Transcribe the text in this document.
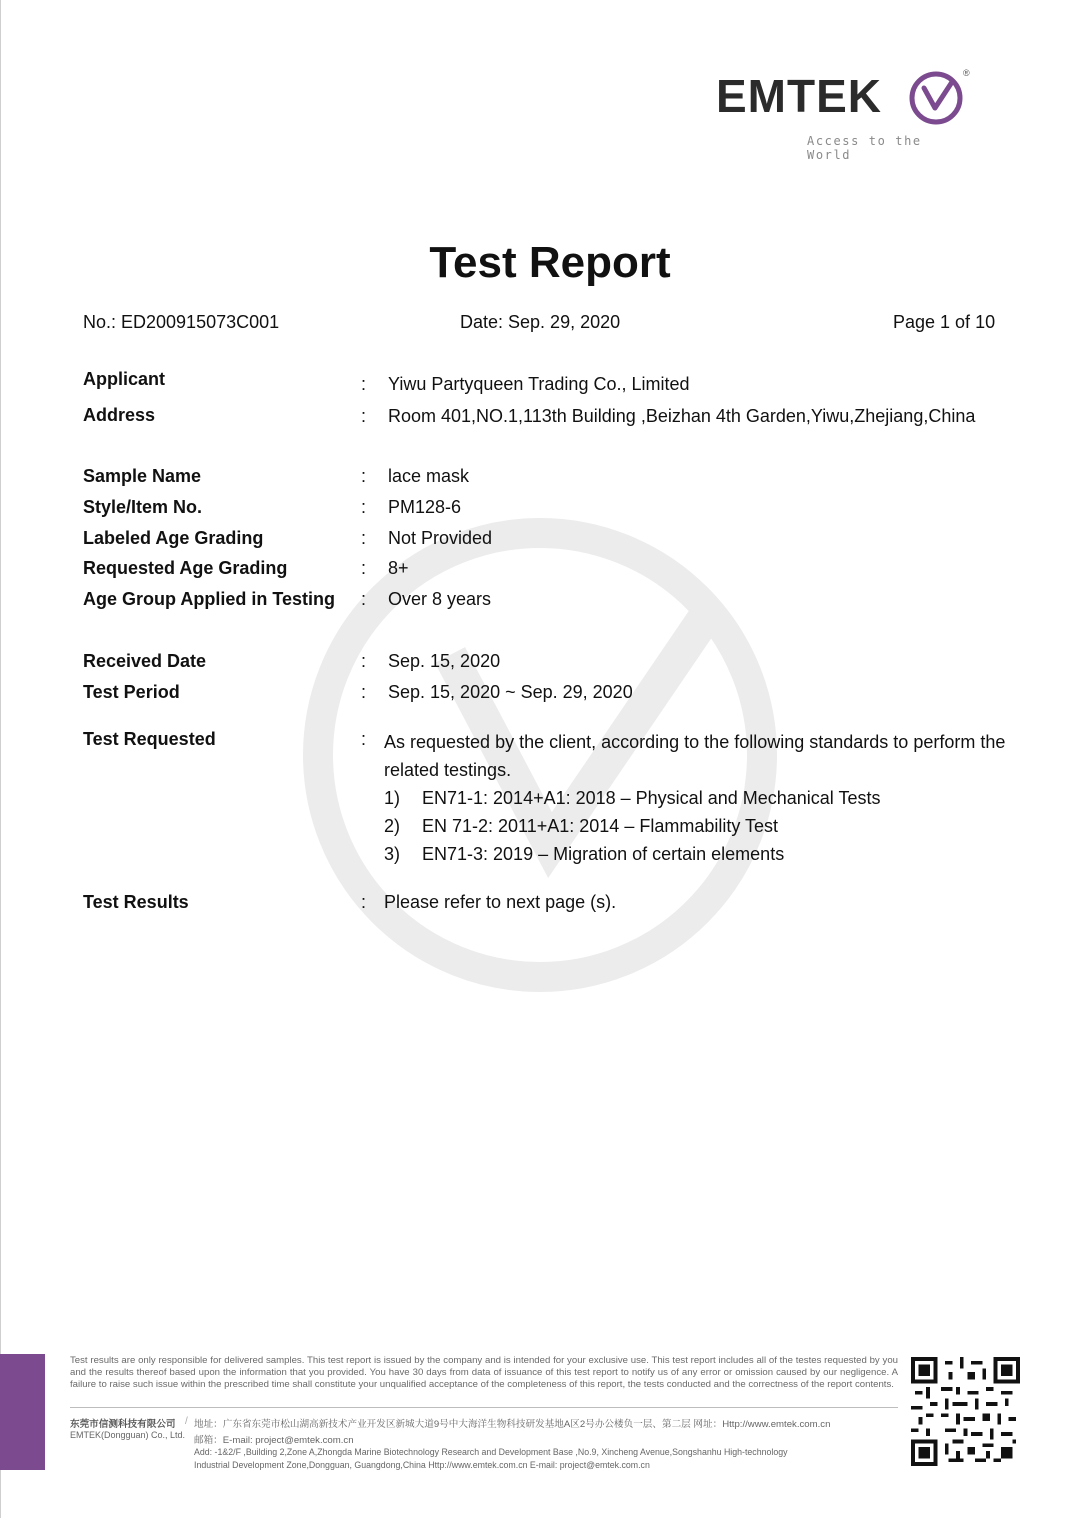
EMTEK	®
Access to the World
Test Report
No.: ED200915073C001	Date: Sep. 29, 2020	Page 1 of 10
Applicant	: Yiwu Partyqueen Trading Co., Limited
Address	: Room 401,NO.1,113th Building ,Beizhan 4th Garden,Yiwu,Zhejiang,China
Sample Name	: lace mask
Style/Item No.	: PM128-6
Labeled Age Grading	: Not Provided
Requested Age Grading	: 8+
Age Group Applied in Testing : Over 8 years
Received Date	: Sep. 15, 2020
Test Period	: Sep. 15, 2020 ~ Sep. 29, 2020
Test Requested	: As requested by the client, according to the following standards to perform the related testings.
1) EN71-1: 2014+A1: 2018 – Physical and Mechanical Tests
2) EN 71-2: 2011+A1: 2014 – Flammability Test
3) EN71-3: 2019 – Migration of certain elements
Test Results	: Please refer to next page (s).
Test results are only responsible for delivered samples. This test report is issued by the company and is intended for your exclusive use. This test report includes all of the testes requested by you and the results thereof based upon the information that you provided. You have 30 days from data of issuance of this test report to notify us of any error or omission caused by our negligence. A failure to raise such issue within the prescribed time shall constitute your unqualified acceptance of the completeness of this report, the tests conducted and the correctness of the report contents.
东莞市信测科技有限公司
EMTEK(Dongguan) Co., Ltd.
/ 地址：广东省东莞市松山湖高新技术产业开发区新城大道9号中大海洋生物科技研发基地A区2号办公楼负一层、第二层 网址：Http://www.emtek.com.cn
邮箱：E-mail: project@emtek.com.cn
Add: -1&2/F ,Building 2,Zone A,Zhongda Marine Biotechnology Research and Development Base ,No.9, Xincheng Avenue,Songshanhu High-technology
Industrial Development Zone,Dongguan, Guangdong,China Http://www.emtek.com.cn E-mail: project@emtek.com.cn
